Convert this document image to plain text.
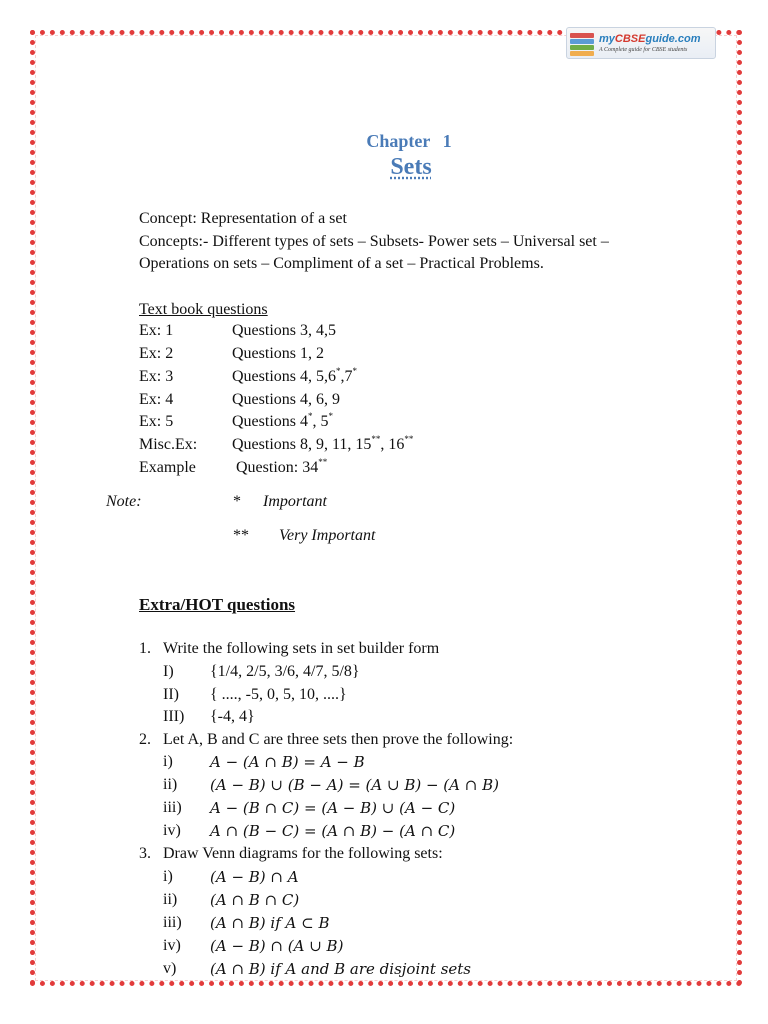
myCBSEguide.com
A Complete guide for CBSE students
Chapter 1
Sets
Concept: Representation of a set
Concepts:- Different types of sets – Subsets- Power sets – Universal set –
Operations on sets – Compliment of a set – Practical Problems.
Text book questions
Ex: 1	Questions 3, 4,5
Ex: 2	Questions 1, 2
Ex: 3	Questions 4, 5,6*,7*
Ex: 4	Questions 4, 6, 9
Ex: 5	Questions 4*, 5*
Misc.Ex: Questions 8, 9, 11, 15**, 16**
Example	Question: 34**
Note:	* Important
** Very Important
Extra/HOT questions
1. Write the following sets in set builder form
I) {1/4, 2/5, 3/6, 4/7, 5/8}
II) { ...., -5, 0, 5, 10, ....}
III) {-4, 4}
2. Let A, B and C are three sets then prove the following:
i) A − (A ∩ B) = A − B
ii) (A − B) ∪ (B − A) = (A ∪ B) − (A ∩ B)
iii) A − (B ∩ C) = (A − B) ∪ (A − C)
iv) A ∩ (B − C) = (A ∩ B) − (A ∩ C)
3. Draw Venn diagrams for the following sets:
i) (A − B) ∩ A
ii) (A ∩ B ∩ C)
iii) (A ∩ B) if A ⊂ B
iv) (A − B) ∩ (A ∪ B)
v) (A ∩ B) if A and B are disjoint sets
